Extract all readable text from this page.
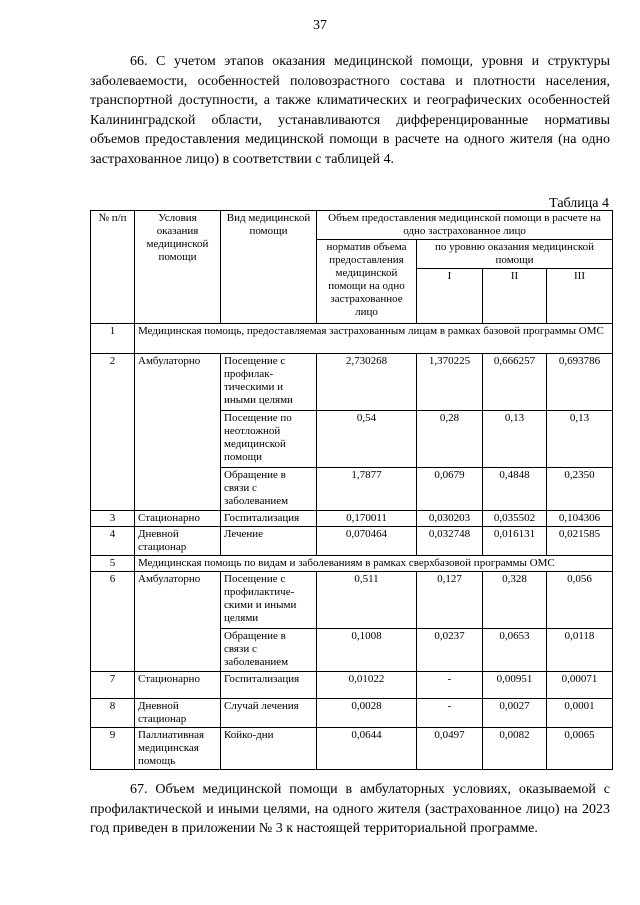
37
66. С учетом этапов оказания медицинской помощи, уровня и структуры заболеваемости, особенностей половозрастного состава и плотности населения, транспортной доступности, а также климатических и географических особенностей Калининградской области, устанавливаются дифференцированные нормативы объемов предоставления медицинской помощи в расчете на одного жителя (на одно застрахованное лицо) в соответствии с таблицей 4.
Таблица 4
№ п/п	Условия оказания медицинской помощи	Вид медицинской помощи	Объем предоставления медицинской помощи в расчете на одно застрахованное лицо			
			норматив объема предоставления медицинской помощи на одно застрахованное лицо	по уровню оказания медицинской помощи		
				I	II	III
1	Медицинская помощь, предоставляемая застрахованным лицам в рамках базовой программы ОМС					
2	Амбулаторно	Посещение с профилак-тическими и иными целями	2,730268	1,370225	0,666257	0,693786
		Посещение по неотложной медицинской помощи	0,54	0,28	0,13	0,13
		Обращение в связи с заболеванием	1,7877	0,0679	0,4848	0,2350
3	Стационарно	Госпитализация	0,170011	0,030203	0,035502	0,104306
4	Дневной стационар	Лечение	0,070464	0,032748	0,016131	0,021585
5	Медицинская помощь по видам и заболеваниям в рамках сверхбазовой программы ОМС					
6	Амбулаторно	Посещение с профилактиче-скими и иными целями	0,511	0,127	0,328	0,056
		Обращение в связи с заболеванием	0,1008	0,0237	0,0653	0,0118
7	Стационарно	Госпитализация	0,01022	-	0,00951	0,00071
8	Дневной стационар	Случай лечения	0,0028	-	0,0027	0,0001
9	Паллиативная медицинская помощь	Койко-дни	0,0644	0,0497	0,0082	0,0065
67. Объем медицинской помощи в амбулаторных условиях, оказываемой с профилактической и иными целями, на одного жителя (застрахованное лицо) на 2023 год приведен в приложении № 3 к настоящей территориальной программе.
